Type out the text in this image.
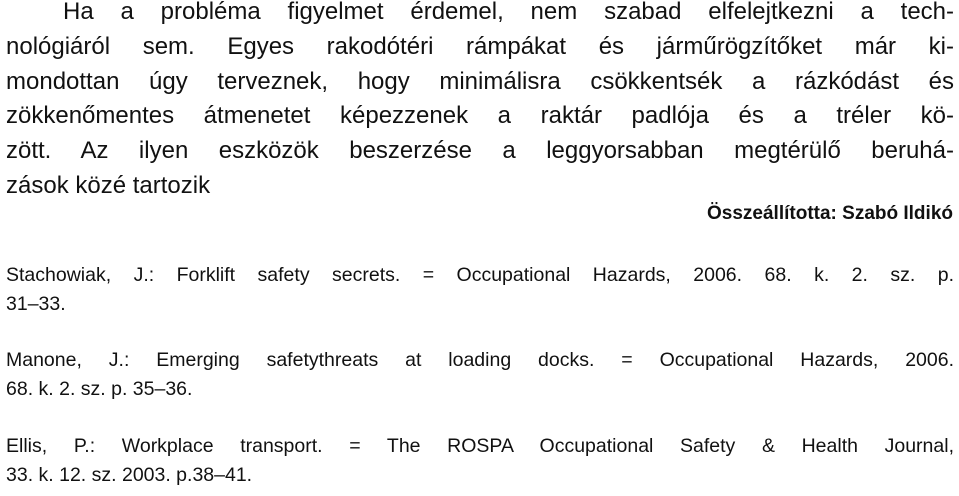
Ha a probléma figyelmet érdemel, nem szabad elfelejtkezni a tech-
nológiáról sem. Egyes rakodótéri rámpákat és járműrögzítőket már ki-
mondottan úgy terveznek, hogy minimálisra csökkentsék a rázkódást és
zökkenőmentes átmenetet képezzenek a raktár padlója és a tréler kö-
zött. Az ilyen eszközök beszerzése a leggyorsabban megtérülő beruhá-
zások közé tartozik
Összeállította: Szabó Ildikó
Stachowiak, J.: Forklift safety secrets. = Occupational Hazards, 2006. 68. k. 2. sz. p.
31–33.
Manone, J.: Emerging safetythreats at loading docks. = Occupational Hazards, 2006.
68. k. 2. sz. p. 35–36.
Ellis, P.: Workplace transport. = The ROSPA Occupational Safety & Health Journal,
33. k. 12. sz. 2003. p.38–41.
